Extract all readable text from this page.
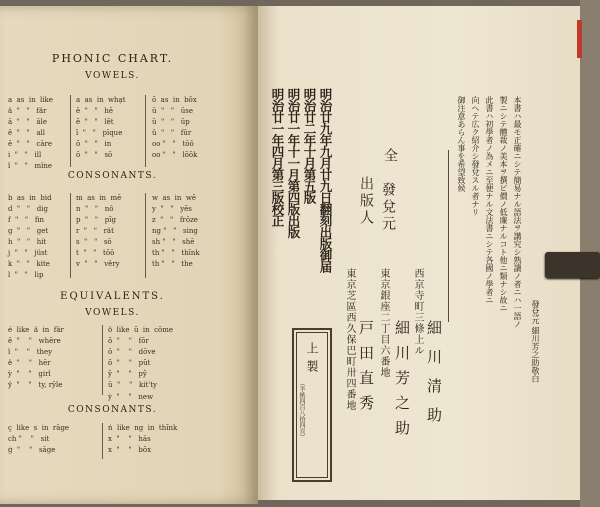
PHONIC CHART.
VOWELS.
a  as  in  like
ä  "   "   fär
ā  "   "   āle
ê  "   "   all
ĕ  "   "   cāre
i  "   "   ill
ï  "   "   mïne
a  as  in  whạt
ē  "   "   hē
ĕ  "   "   lĕt
ī  "   "   pīque
ŏ  "   "   in
ō  "   "   sō
ŏ  as  in  bŏx
ū  "   "   ūse
ŭ  "   "   ŭp
û  "   "   fûr
oo "   "   tōō
oo "   "   lŏŏk
CONSONANTS.
b  as  in  bid
d  "   "   dig
f  "   "   fin
g  "   "   get
h  "   "   hit
j  "   "   jüst
k  "   "   kite
l  "   "   lip
m  as  in  mē
n  "   "   nō
p  "   "   pĭg
r  "   "   rät
s  "   "   sō
t  "   "   tōō
v  "   "   věry
w  as  in  wē
y  "   "   yĕs
z  "   "   frōze
ng "   "   sing
sh "   "   shē
th "   "   thĭnk
th "   "   the
EQUIVALENTS.
VOWELS.
é  like  ä  in  fär
ê  "    "   whēre
ï  "    "   they
ë  "    "   hēr
ỳ  "    "   girl
ÿ  "    "   ty, rȳle
ö  like  ŭ  in  cōme
ŏ  "    "   fŏr
ō  "    "   dōve
ŏ  "    "   pŭt
ŷ  "    "   pŷ
ū  "    "   kit'ty
ẏ  "    "   new
CONSONANTS.
ç  like  s  in  rāge
ch "    "   sit
ġ  "    "   sāge
ṅ  like  ng  in  thĭnk
x  "    "   hăs
x  "    "   bŏx
明治廿一年四月第三版校正 明治廿一年十一月第四版出版 明治廿二年十月第五版 明治廿九年九月廿九日翻刻出版御届	全
發兌元
出版人
西京寺町三條上ル
細川清助
東京銀座二丁目六番地 細川芳之助
東京芝區西久保巴町卅四番地 戸田直秀
上製
（半紙四百八拾四頁）
御注意あらん事を希望致候 向ヘテ広ク紹介シ發兌スル者ナリ 此書ハ初學者ノ為メニ至便ナル文法書ニシテ各國ノ學者ニ 製ニシテ體裁ノ美本ヲ撰ビ價ノ低廉ナルコト他ニ類ナシ故ニ 本書ハ最モ正確ニシテ簡易ナル語法ヲ講究シ熟讀ノ者ニハ一語ノ
發兌元 細川芳之助敬白
